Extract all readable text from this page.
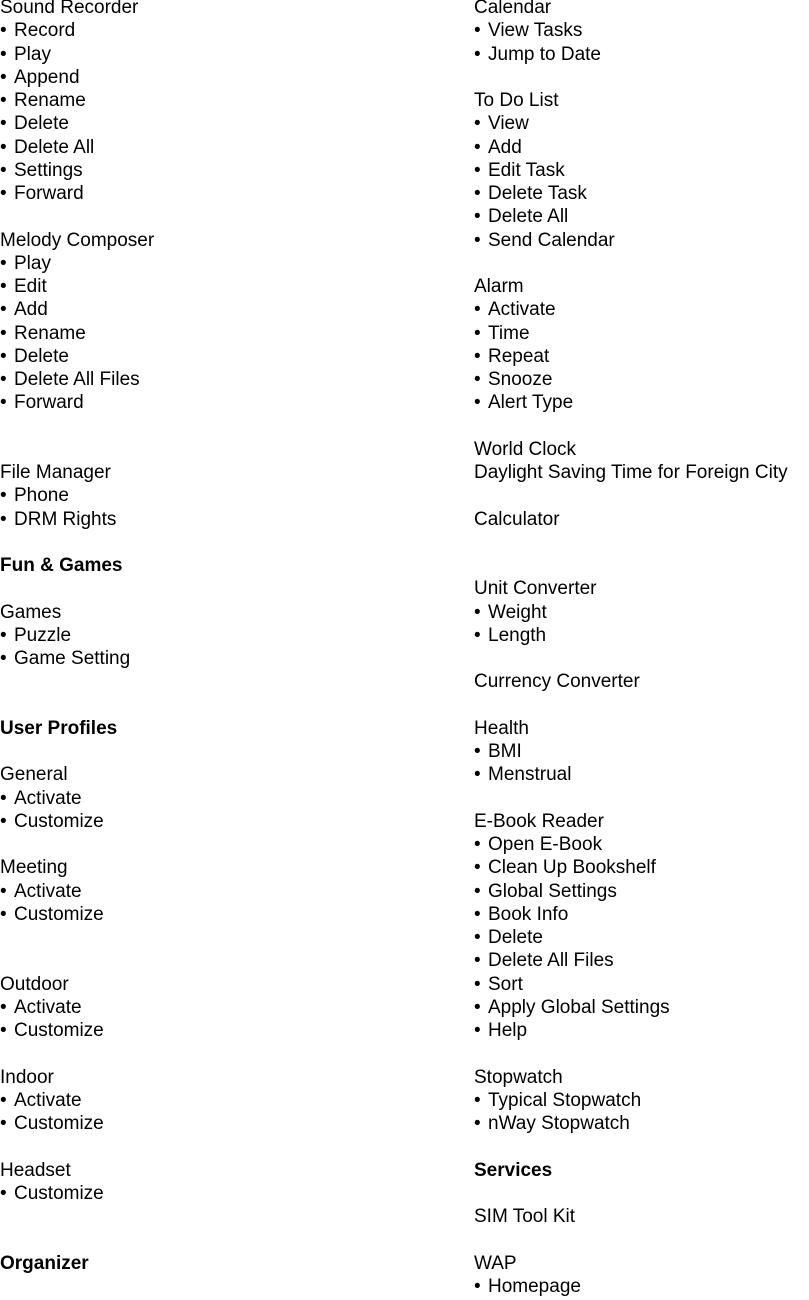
Sound Recorder
• Record
• Play
• Append
• Rename
• Delete
• Delete All
• Settings
• Forward
Melody Composer
• Play
• Edit
• Add
• Rename
• Delete
• Delete All Files
• Forward
File Manager
• Phone
• DRM Rights
Fun & Games
Games
• Puzzle
• Game Setting
User Profiles
General
• Activate
• Customize
Meeting
• Activate
• Customize
Outdoor
• Activate
• Customize
Indoor
• Activate
• Customize
Headset
• Customize
Organizer
Calendar
• View Tasks
• Jump to Date
To Do List
• View
• Add
• Edit Task
• Delete Task
• Delete All
• Send Calendar
Alarm
• Activate
• Time
• Repeat
• Snooze
• Alert Type
World Clock
Daylight Saving Time for Foreign City
Calculator
Unit Converter
• Weight
• Length
Currency Converter
Health
• BMI
• Menstrual
E-Book Reader
• Open E-Book
• Clean Up Bookshelf
• Global Settings
• Book Info
• Delete
• Delete All Files
• Sort
• Apply Global Settings
• Help
Stopwatch
• Typical Stopwatch
• nWay Stopwatch
Services
SIM Tool Kit
WAP
• Homepage
